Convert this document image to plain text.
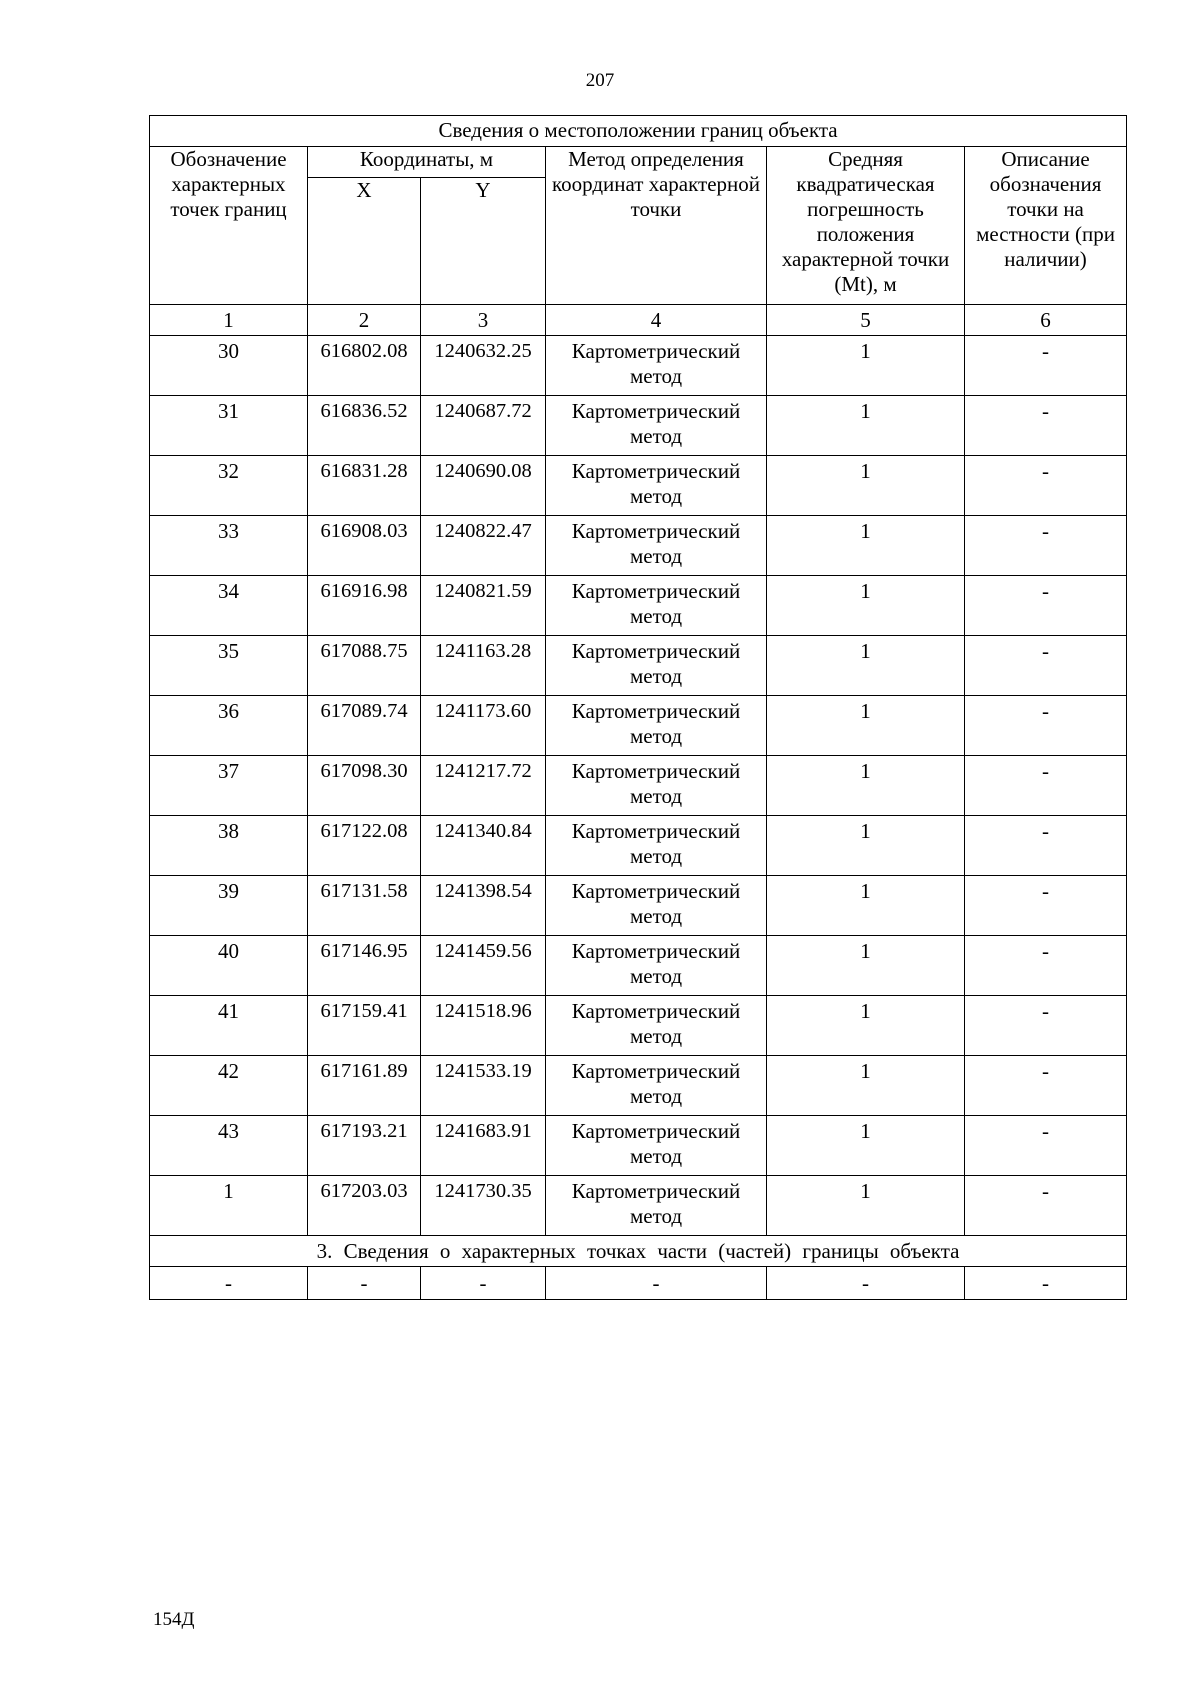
207
Сведения о местоположении границ объекта					
Обозначение характерных точек границ	Координаты, м		Метод определения координат характерной точки	Средняя квадратическая погрешность положения характерной точки (Mt), м	Описание обозначения точки на местности (при наличии)
	X	Y			
1	2	3	4	5	6
30	616802.08	1240632.25	Картометрический метод	1	-
31	616836.52	1240687.72	Картометрический метод	1	-
32	616831.28	1240690.08	Картометрический метод	1	-
33	616908.03	1240822.47	Картометрический метод	1	-
34	616916.98	1240821.59	Картометрический метод	1	-
35	617088.75	1241163.28	Картометрический метод	1	-
36	617089.74	1241173.60	Картометрический метод	1	-
37	617098.30	1241217.72	Картометрический метод	1	-
38	617122.08	1241340.84	Картометрический метод	1	-
39	617131.58	1241398.54	Картометрический метод	1	-
40	617146.95	1241459.56	Картометрический метод	1	-
41	617159.41	1241518.96	Картометрический метод	1	-
42	617161.89	1241533.19	Картометрический метод	1	-
43	617193.21	1241683.91	Картометрический метод	1	-
1	617203.03	1241730.35	Картометрический метод	1	-
3. Сведения о характерных точках части (частей) границы объекта					
-	-	-	-	-	-
154Д
